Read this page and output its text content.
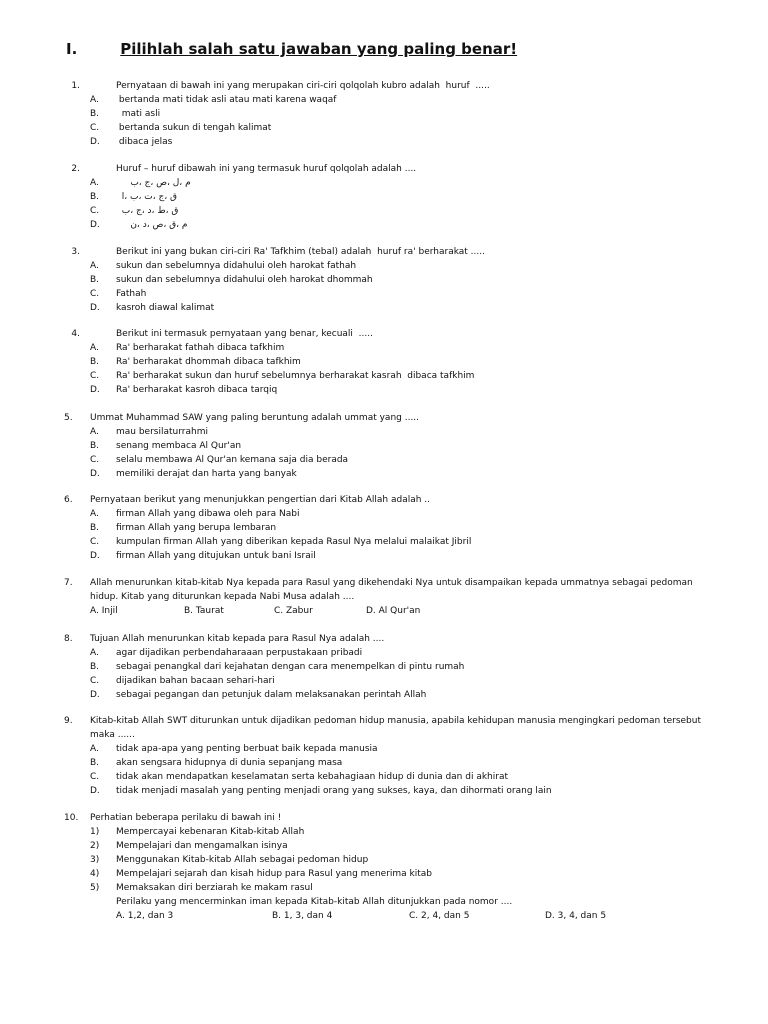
I.	Pilihlah salah satu jawaban yang paling benar!
1.	Pernyataan di bawah ini yang merupakan ciri-ciri qolqolah kubro adalah  huruf  .....
A.	bertanda mati tidak asli atau mati karena waqaf
B.	mati asli
C.	bertanda sukun di tengah kalimat
D.	dibaca jelas
2.	Huruf – huruf dibawah ini yang termasuk huruf qolqolah adalah ....
A.	م ،ل ،ص ،ج ،ب
B.	ق ،ج ،ت ،ب ،ا
C.	ق ،ط ،د ،ج ،ب
D.	م ،ق ،ص ،د ،ن
3.	Berikut ini yang bukan ciri-ciri Ra' Tafkhim (tebal) adalah  huruf ra' berharakat .....
A.	sukun dan sebelumnya didahului oleh harokat fathah
B.	sukun dan sebelumnya didahului oleh harokat dhommah
C.	Fathah
D.	kasroh diawal kalimat
4.	Berikut ini termasuk pernyataan yang benar, kecuali  .....
A.	Ra' berharakat fathah dibaca tafkhim
B.	Ra' berharakat dhommah dibaca tafkhim
C.	Ra' berharakat sukun dan huruf sebelumnya berharakat kasrah  dibaca tafkhim
D.	Ra' berharakat kasroh dibaca tarqiq
5.	Ummat Muhammad SAW yang paling beruntung adalah ummat yang .....
A.	mau bersilaturrahmi
B.	senang membaca Al Qur'an
C.	selalu membawa Al Qur'an kemana saja dia berada
D.	memiliki derajat dan harta yang banyak
6.	Pernyataan berikut yang menunjukkan pengertian dari Kitab Allah adalah ..
A.	firman Allah yang dibawa oleh para Nabi
B.	firman Allah yang berupa lembaran
C.	kumpulan firman Allah yang diberikan kepada Rasul Nya melalui malaikat Jibril
D.	firman Allah yang ditujukan untuk bani Israil
7.	Allah menurunkan kitab-kitab Nya kepada para Rasul yang dikehendaki Nya untuk disampaikan kepada ummatnya sebagai pedoman hidup. Kitab yang diturunkan kepada Nabi Musa adalah ....
A. Injil	B. Taurat	C. Zabur	D. Al Qur'an
8.	Tujuan Allah menurunkan kitab kepada para Rasul Nya adalah ....
A.	agar dijadikan perbendaharaaan perpustakaan pribadi
B.	sebagai penangkal dari kejahatan dengan cara menempelkan di pintu rumah
C.	dijadikan bahan bacaan sehari-hari
D.	sebagai pegangan dan petunjuk dalam melaksanakan perintah Allah
9.	Kitab-kitab Allah SWT diturunkan untuk dijadikan pedoman hidup manusia, apabila kehidupan manusia mengingkari pedoman tersebut maka ......
A.	tidak apa-apa yang penting berbuat baik kepada manusia
B.	akan sengsara hidupnya di dunia sepanjang masa
C.	tidak akan mendapatkan keselamatan serta kebahagiaan hidup di dunia dan di akhirat
D.	tidak menjadi masalah yang penting menjadi orang yang sukses, kaya, dan dihormati orang lain
10.	Perhatian beberapa perilaku di bawah ini !
1)	Mempercayai kebenaran Kitab-kitab Allah
2)	Mempelajari dan mengamalkan isinya
3)	Menggunakan Kitab-kitab Allah sebagai pedoman hidup
4)	Mempelajari sejarah dan kisah hidup para Rasul yang menerima kitab
5)	Memaksakan diri berziarah ke makam rasul
Perilaku yang mencerminkan iman kepada Kitab-kitab Allah ditunjukkan pada nomor ....
A. 1,2, dan 3	B. 1, 3, dan 4	C. 2, 4, dan 5	D. 3, 4, dan 5
